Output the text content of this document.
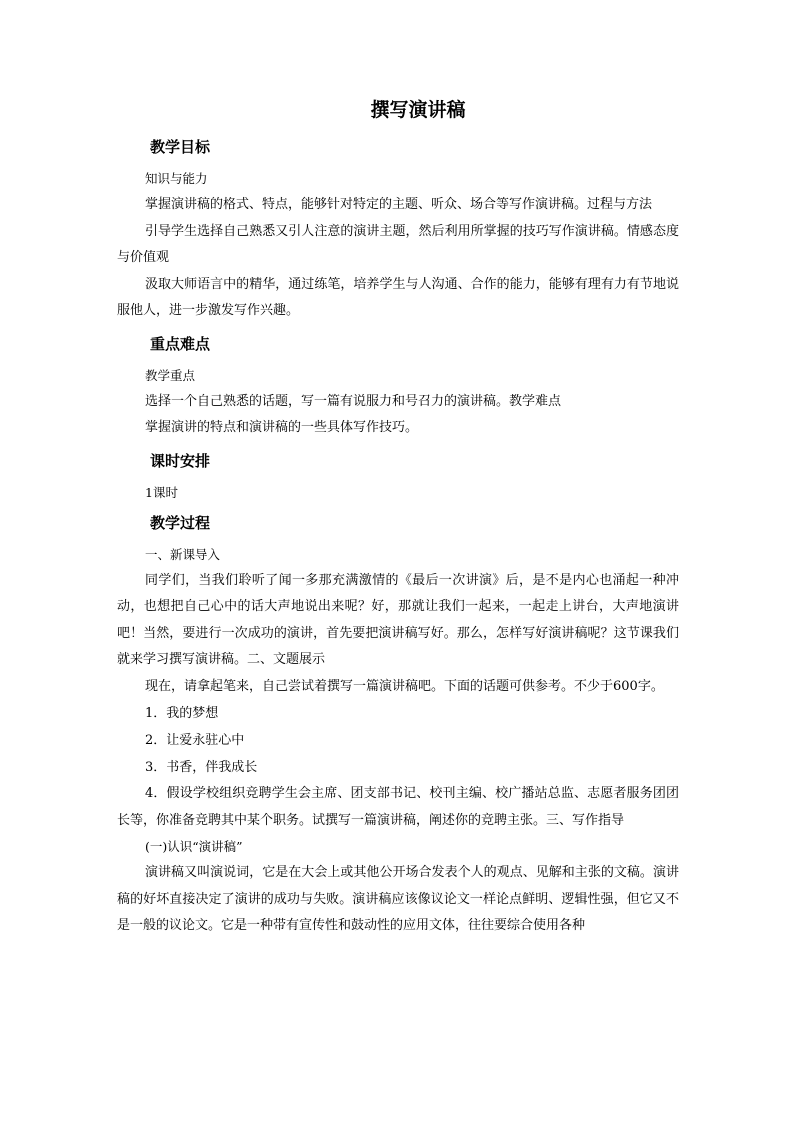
撰写演讲稿
教学目标
知识与能力
掌握演讲稿的格式、特点，能够针对特定的主题、听众、场合等写作演讲稿。过程与方法
引导学生选择自己熟悉又引人注意的演讲主题，然后利用所掌握的技巧写作演讲稿。情感态度与价值观
汲取大师语言中的精华，通过练笔，培养学生与人沟通、合作的能力，能够有理有力有节地说服他人，进一步激发写作兴趣。
重点难点
教学重点
选择一个自己熟悉的话题，写一篇有说服力和号召力的演讲稿。教学难点
掌握演讲的特点和演讲稿的一些具体写作技巧。
课时安排
1课时
教学过程
一、新课导入
同学们，当我们聆听了闻一多那充满激情的《最后一次讲演》后，是不是内心也涌起一种冲动，也想把自己心中的话大声地说出来呢？好，那就让我们一起来，一起走上讲台，大声地演讲吧！当然，要进行一次成功的演讲，首先要把演讲稿写好。那么，怎样写好演讲稿呢？这节课我们就来学习撰写演讲稿。二、文题展示
现在，请拿起笔来，自己尝试着撰写一篇演讲稿吧。下面的话题可供参考。不少于600字。
1．我的梦想
2．让爱永驻心中
3．书香，伴我成长
4．假设学校组织竞聘学生会主席、团支部书记、校刊主编、校广播站总监、志愿者服务团团长等，你准备竞聘其中某个职务。试撰写一篇演讲稿，阐述你的竞聘主张。三、写作指导
(一)认识“演讲稿”
演讲稿又叫演说词，它是在大会上或其他公开场合发表个人的观点、见解和主张的文稿。演讲稿的好坏直接决定了演讲的成功与失败。演讲稿应该像议论文一样论点鲜明、逻辑性强，但它又不是一般的议论文。它是一种带有宣传性和鼓动性的应用文体，往往要综合使用各种
